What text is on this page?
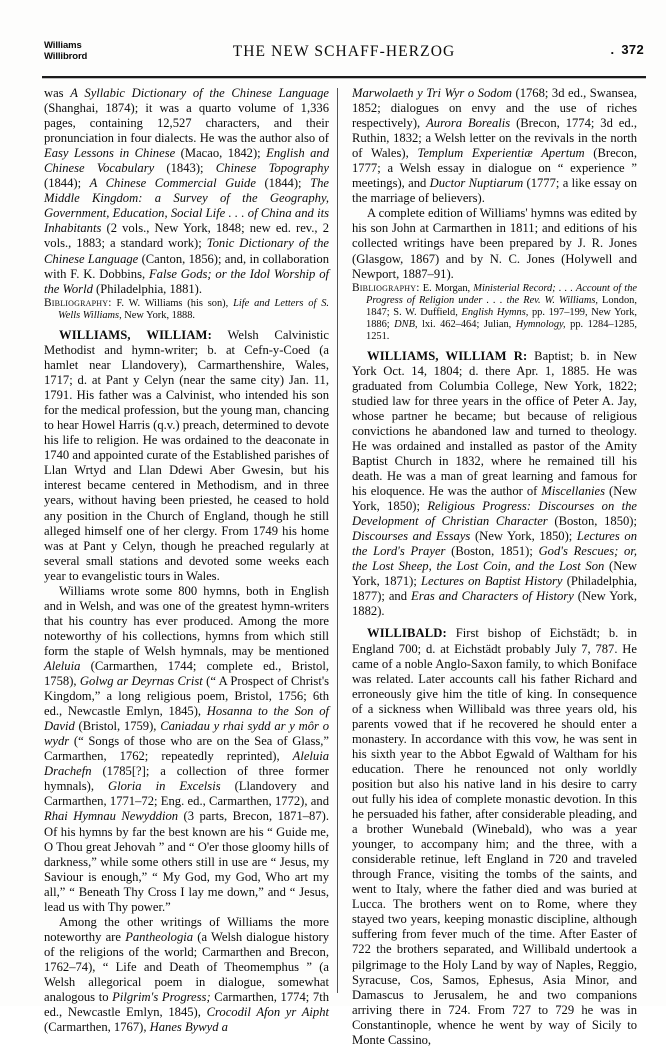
Williams
Willibrord	THE NEW SCHAFF-HERZOG	. 372

was A Syllabic Dictionary of the Chinese Language (Shanghai, 1874); it was a quarto volume of 1,336 pages, containing 12,527 characters, and their pronunciation in four dialects. He was the author also of Easy Lessons in Chinese (Macao, 1842); English and Chinese Vocabulary (1843); Chinese Topography (1844); A Chinese Commercial Guide (1844); The Middle Kingdom: a Survey of the Geography, Government, Education, Social Life . . . of China and its Inhabitants (2 vols., New York, 1848; new ed. rev., 2 vols., 1883; a standard work); Tonic Dictionary of the Chinese Language (Canton, 1856); and, in collaboration with F. K. Dobbins, False Gods; or the Idol Worship of the World (Philadelphia, 1881).

Bibliography: F. W. Williams (his son), Life and Letters of S. Wells Williams, New York, 1888.

WILLIAMS, WILLIAM: Welsh Calvinistic Methodist and hymn-writer; b. at Cefn-y-Coed (a hamlet near Llandovery), Carmarthenshire, Wales, 1717; d. at Pant y Celyn (near the same city) Jan. 11, 1791. His father was a Calvinist, who intended his son for the medical profession, but the young man, chancing to hear Howel Harris (q.v.) preach, determined to devote his life to religion. He was ordained to the deaconate in 1740 and appointed curate of the Established parishes of Llan Wrtyd and Llan Ddewi Aber Gwesin, but his interest became centered in Methodism, and in three years, without having been priested, he ceased to hold any position in the Church of England, though he still alleged himself one of her clergy. From 1749 his home was at Pant y Celyn, though he preached regularly at several small stations and devoted some weeks each year to evangelistic tours in Wales.

Williams wrote some 800 hymns, both in English and in Welsh, and was one of the greatest hymn-writers that his country has ever produced. Among the more noteworthy of his collections, hymns from which still form the staple of Welsh hymnals, may be mentioned Aleluia (Carmarthen, 1744; complete ed., Bristol, 1758), Golwg ar Deyrnas Crist (“ A Prospect of Christ's Kingdom,” a long religious poem, Bristol, 1756; 6th ed., Newcastle Emlyn, 1845), Hosanna to the Son of David (Bristol, 1759), Caniadau y rhai sydd ar y môr o wydr (“ Songs of those who are on the Sea of Glass,” Carmarthen, 1762; repeatedly reprinted), Aleluia Drachefn (1785[?]; a collection of three former hymnals), Gloria in Excelsis (Llandovery and Carmarthen, 1771–72; Eng. ed., Carmarthen, 1772), and Rhai Hymnau Newyddion (3 parts, Brecon, 1871–87). Of his hymns by far the best known are his “ Guide me, O Thou great Jehovah ” and “ O'er those gloomy hills of darkness,” while some others still in use are “ Jesus, my Saviour is enough,” “ My God, my God, Who art my all,” “ Beneath Thy Cross I lay me down,” and “ Jesus, lead us with Thy power.”

Among the other writings of Williams the more noteworthy are Pantheologia (a Welsh dialogue history of the religions of the world; Carmarthen and Brecon, 1762–74), “ Life and Death of Theomemphus ” (a Welsh allegorical poem in dialogue, somewhat analogous to Pilgrim's Progress; Carmarthen, 1774; 7th ed., Newcastle Emlyn, 1845), Crocodil Afon yr Aipht (Carmarthen, 1767), Hanes Bywyd a

Marwolaeth y Tri Wyr o Sodom (1768; 3d ed., Swansea, 1852; dialogues on envy and the use of riches respectively), Aurora Borealis (Brecon, 1774; 3d ed., Ruthin, 1832; a Welsh letter on the revivals in the north of Wales), Templum Experientiæ Apertum (Brecon, 1777; a Welsh essay in dialogue on “ experience ” meetings), and Ductor Nuptiarum (1777; a like essay on the marriage of believers).

A complete edition of Williams' hymns was edited by his son John at Carmarthen in 1811; and editions of his collected writings have been prepared by J. R. Jones (Glasgow, 1867) and by N. C. Jones (Holywell and Newport, 1887–91).

Bibliography: E. Morgan, Ministerial Record; . . . Account of the Progress of Religion under . . . the Rev. W. Williams, London, 1847; S. W. Duffield, English Hymns, pp. 197–199, New York, 1886; DNB, lxi. 462–464; Julian, Hymnology, pp. 1284–1285, 1251.

WILLIAMS, WILLIAM R: Baptist; b. in New York Oct. 14, 1804; d. there Apr. 1, 1885. He was graduated from Columbia College, New York, 1822; studied law for three years in the office of Peter A. Jay, whose partner he became; but because of religious convictions he abandoned law and turned to theology. He was ordained and installed as pastor of the Amity Baptist Church in 1832, where he remained till his death. He was a man of great learning and famous for his eloquence. He was the author of Miscellanies (New York, 1850); Religious Progress: Discourses on the Development of Christian Character (Boston, 1850); Discourses and Essays (New York, 1850); Lectures on the Lord's Prayer (Boston, 1851); God's Rescues; or, the Lost Sheep, the Lost Coin, and the Lost Son (New York, 1871); Lectures on Baptist History (Philadelphia, 1877); and Eras and Characters of History (New York, 1882).

WILLIBALD: First bishop of Eichstädt; b. in England 700; d. at Eichstädt probably July 7, 787. He came of a noble Anglo-Saxon family, to which Boniface was related. Later accounts call his father Richard and erroneously give him the title of king. In consequence of a sickness when Willibald was three years old, his parents vowed that if he recovered he should enter a monastery. In accordance with this vow, he was sent in his sixth year to the Abbot Egwald of Waltham for his education. There he renounced not only worldly position but also his native land in his desire to carry out fully his idea of complete monastic devotion. In this he persuaded his father, after considerable pleading, and a brother Wunebald (Winebald), who was a year younger, to accompany him; and the three, with a considerable retinue, left England in 720 and traveled through France, visiting the tombs of the saints, and went to Italy, where the father died and was buried at Lucca. The brothers went on to Rome, where they stayed two years, keeping monastic discipline, although suffering from fever much of the time. After Easter of 722 the brothers separated, and Willibald undertook a pilgrimage to the Holy Land by way of Naples, Reggio, Syracuse, Cos, Samos, Ephesus, Asia Minor, and Damascus to Jerusalem, he and two companions arriving there in 724. From 727 to 729 he was in Constantinople, whence he went by way of Sicily to Monte Cassino,
